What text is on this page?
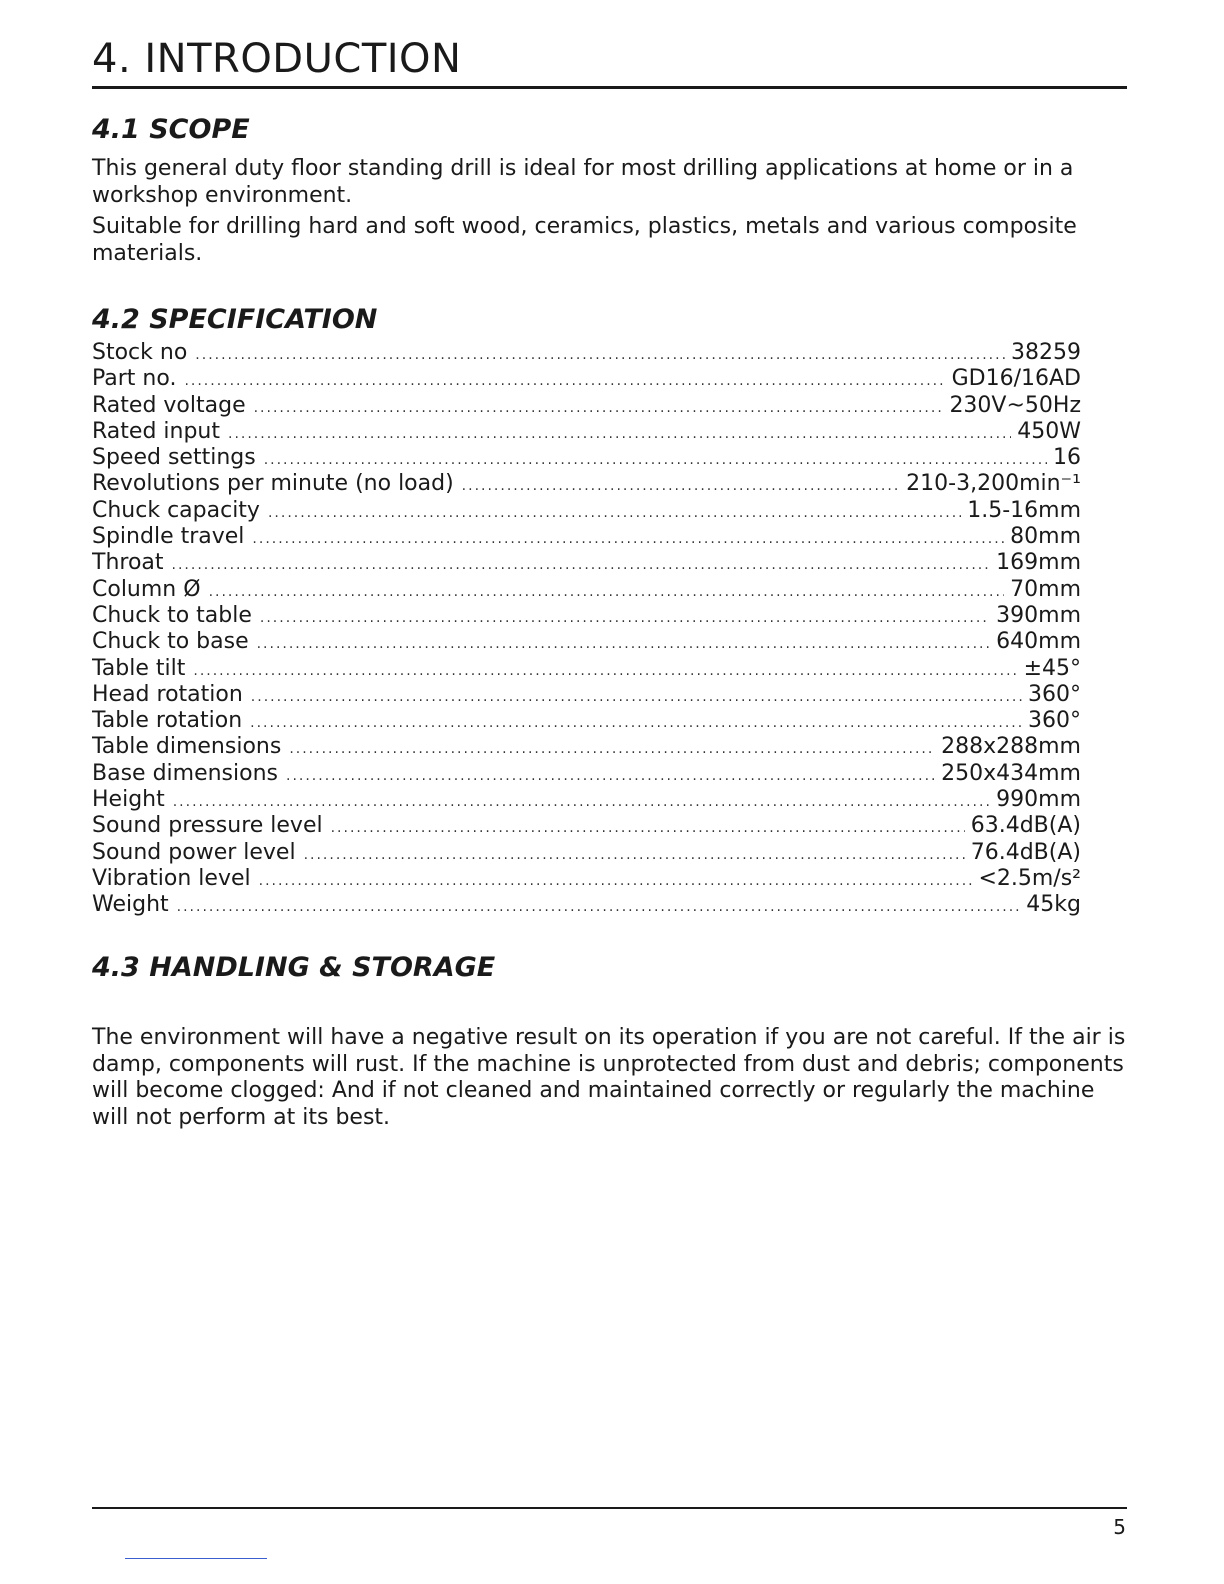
4. INTRODUCTION
4.1 SCOPE

This general duty floor standing drill is ideal for most drilling applications at home or in a workshop environment.

Suitable for drilling hard and soft wood, ceramics, plastics, metals and various composite materials.

4.2 SPECIFICATION
Stock no .....	38259
Part no. .....	GD16/16AD
Rated voltage .....	230V~50Hz
Rated input .....	450W
Speed settings .....	16
Revolutions per minute (no load) .....	210-3,200min⁻¹
Chuck capacity .....	1.5-16mm
Spindle travel .....	80mm
Throat .....	169mm
Column Ø .....	70mm
Chuck to table .....	390mm
Chuck to base .....	640mm
Table tilt .....	±45°
Head rotation .....	360°
Table rotation .....	360°
Table dimensions .....	288x288mm
Base dimensions .....	250x434mm
Height .....	990mm
Sound pressure level .....	63.4dB(A)
Sound power level .....	76.4dB(A)
Vibration level .....	<2.5m/s²
Weight .....	45kg
4.3 HANDLING & STORAGE

The environment will have a negative result on its operation if you are not careful. If the air is damp, components will rust. If the machine is unprotected from dust and debris; components will become clogged: And if not cleaned and maintained correctly or regularly the machine will not perform at its best.

5
